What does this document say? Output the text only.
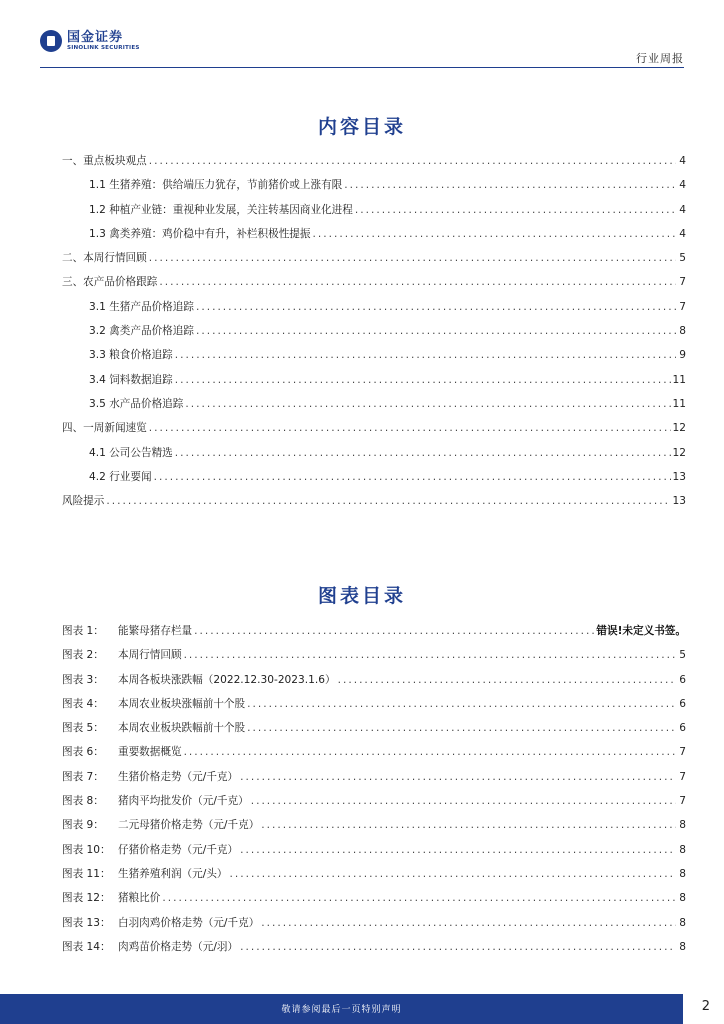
国金证券
SINOLINK SECURITIES
行业周报
内容目录
一、重点板块观点 .....	4
1.1 生猪养殖：供给端压力犹存，节前猪价或上涨有限 .....	4
1.2 种植产业链：重视种业发展，关注转基因商业化进程 .....	4
1.3 禽类养殖：鸡价稳中有升，补栏积极性提振 .....	4
二、本周行情回顾 .....	5
三、农产品价格跟踪 .....	7
3.1 生猪产品价格追踪 .....	7
3.2 禽类产品价格追踪 .....	8
3.3 粮食价格追踪 .....	9
3.4 饲料数据追踪 .....	11
3.5 水产品价格追踪 .....	11
四、一周新闻速览 .....	12
4.1 公司公告精选 .....	12
4.2 行业要闻 .....	13
风险提示 .....	13
图表目录
图表 1： 能繁母猪存栏量 .....	错误!未定义书签。
图表 2： 本周行情回顾 .....	5
图表 3： 本周各板块涨跌幅（2022.12.30-2023.1.6） .....	6
图表 4： 本周农业板块涨幅前十个股 .....	6
图表 5： 本周农业板块跌幅前十个股 .....	6
图表 6： 重要数据概览 .....	7
图表 7： 生猪价格走势（元/千克） .....	7
图表 8： 猪肉平均批发价（元/千克） .....	7
图表 9： 二元母猪价格走势（元/千克） .....	8
图表 10： 仔猪价格走势（元/千克） .....	8
图表 11： 生猪养殖利润（元/头） .....	8
图表 12： 猪粮比价 .....	8
图表 13： 白羽肉鸡价格走势（元/千克） .....	8
图表 14： 肉鸡苗价格走势（元/羽） .....	8
敬请参阅最后一页特别声明	2
